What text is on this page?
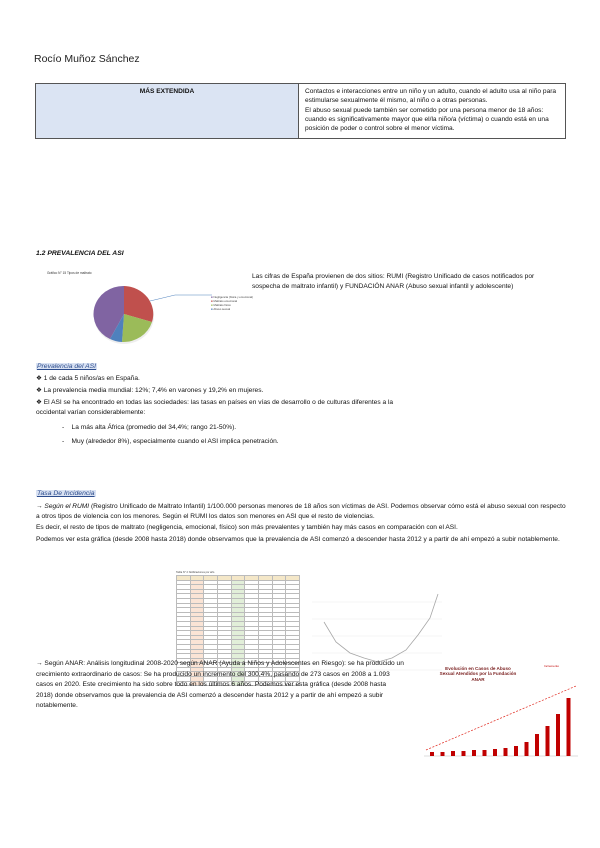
Rocío Muñoz Sánchez
MÁS EXTENDIDA	Contactos e interacciones entre un niño y un adulto, cuando el adulto usa al niño para estimularse sexualmente él mismo, al niño o a otras personas.

El abuso sexual puede también ser cometido por una persona menor de 18 años: cuando es significativamente mayor que el/la niño/a (víctima) o cuando está en una posición de poder o control sobre el menor víctima.

1.2 PREVALENCIA DEL ASI
Gráfico N° 15 Tipos de maltrato
■ Negligencia (física y emocional)
■ Maltrato emocional
■ Maltrato físico
■ Abuso sexual
Las cifras de España provienen de dos sitios: RUMI (Registro Unificado de casos notificados por sospecha de maltrato infantil) y FUNDACIÓN ANAR (Abuso sexual infantil y adolescente)
Prevalencia del ASI
❖ 1 de cada 5 niños/as en España.
❖ La prevalencia media mundial: 12%; 7,4% en varones y 19,2% en mujeres.
❖ El ASI se ha encontrado en todas las sociedades: las tasas en países en vías de desarrollo o de culturas diferentes a la occidental varían considerablemente:
- La más alta África (promedio del 34,4%; rango 21-50%).
- Muy (alrededor 8%), especialmente cuando el ASI implica penetración.
Tasa De Incidencia

→ Según el RUMI (Registro Unificado de Maltrato Infantil) 1/100.000 personas menores de 18 años son víctimas de ASI. Podemos observar cómo está el abuso sexual con respecto a otros tipos de violencia con los menores. Según el RUMI los datos son menores en ASI que el resto de violencias.

Es decir, el resto de tipos de maltrato (negligencia, emocional, físico) son más prevalentes y también hay más casos en comparación con el ASI.

Podemos ver esta gráfica (desde 2008 hasta 2018) donde observamos que la prevalencia de ASI comenzó a descender hasta 2012 y a partir de ahí empezó a subir notablemente.

Tabla N° 2 Notificaciones por año

→ Según ANAR: Análisis longitudinal 2008-2020 según ANAR (Ayuda a Niños y Adolescentes en Riesgo): se ha producido un crecimiento extraordinario de casos: Se ha producido un incremento del 300,4%, pasando de 273 casos en 2008 a 1.093 casos en 2020. Este crecimiento ha sido sobre todo en los últimos 6 años. Podemos ver esta gráfica (desde 2008 hasta 2018) donde observamos que la prevalencia de ASI comenzó a descender hasta 2012 y a partir de ahí empezó a subir notablemente.
Evolución en Casos de Abuso Sexual Atendidos por la Fundación ANAR
Incremento
